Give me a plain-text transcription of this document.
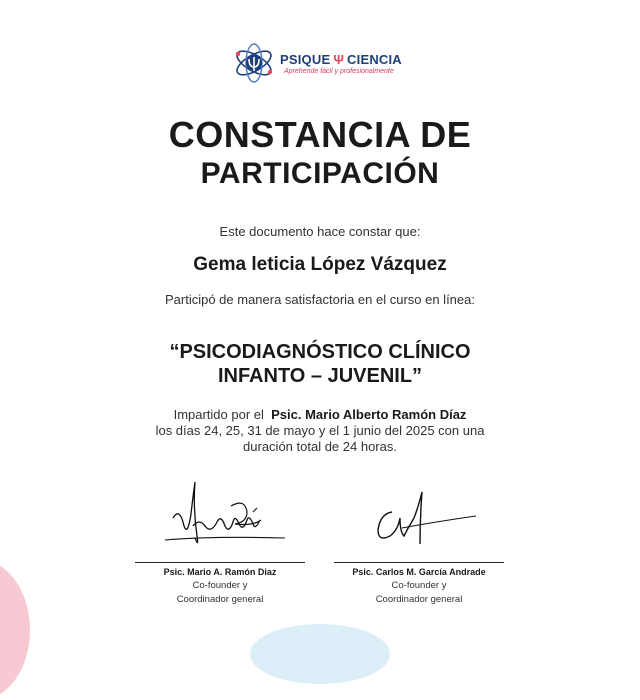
PSIQUE Ψ CIENCIA
Aprehende fácil y profesionalmente
CONSTANCIA DE
PARTICIPACIÓN
Este documento hace constar que:
Gema leticia López Vázquez
Participó de manera satisfactoria en el curso en línea:
“PSICODIAGNÓSTICO CLÍNICO
INFANTO – JUVENIL”
Impartido por el Psic. Mario Alberto Ramón Díaz
los días 24, 25, 31 de mayo y el 1 junio del 2025 con una
duración total de 24 horas.
Psic. Mario A. Ramón Diaz
Co-founder y
Coordinador general
Psic. Carlos M. García Andrade
Co-founder y
Coordinador general
